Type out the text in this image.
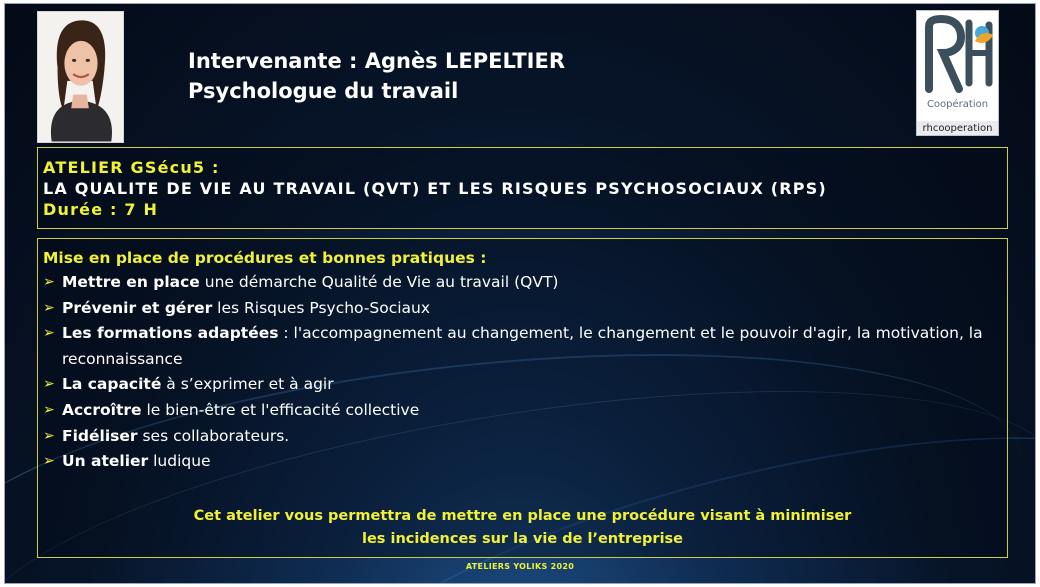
Intervenante : Agnès LEPELTIER
Psychologue du travail
Coopération
rhcooperation
ATELIER GSécu5 :
LA QUALITE DE VIE AU TRAVAIL (QVT) ET LES RISQUES PSYCHOSOCIAUX (RPS)
Durée : 7 H
Mise en place de procédures et bonnes pratiques :
➢ Mettre en place une démarche Qualité de Vie au travail (QVT)
➢ Prévenir et gérer les Risques Psycho-Sociaux
➢ Les formations adaptées : l'accompagnement au changement, le changement et le pouvoir d'agir, la motivation, la reconnaissance
➢ La capacité à s’exprimer et à agir
➢ Accroître le bien-être et l'efficacité collective
➢ Fidéliser ses collaborateurs.
➢ Un atelier ludique
Cet atelier vous permettra de mettre en place une procédure visant à minimiser
les incidences sur la vie de l’entreprise
ATELIERS YOLIKS 2020
